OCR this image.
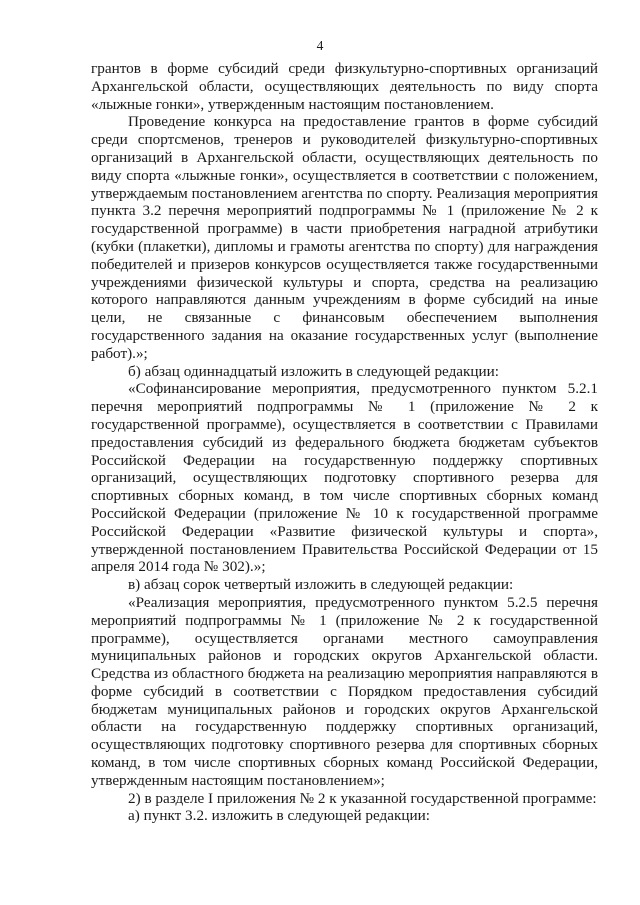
4

грантов в форме субсидий среди физкультурно-спортивных организаций Архангельской области, осуществляющих деятельность по виду спорта «лыжные гонки», утвержденным настоящим постановлением.

Проведение конкурса на предоставление грантов в форме субсидий среди спортсменов, тренеров и руководителей физкультурно-спортивных организаций в Архангельской области, осуществляющих деятельность по виду спорта «лыжные гонки», осуществляется в соответствии с положением, утверждаемым постановлением агентства по спорту. Реализация мероприятия пункта 3.2 перечня мероприятий подпрограммы № 1 (приложение № 2 к государственной программе) в части приобретения наградной атрибутики (кубки (плакетки), дипломы и грамоты агентства по спорту) для награждения победителей и призеров конкурсов осуществляется также государственными учреждениями физической культуры и спорта, средства на реализацию которого направляются данным учреждениям в форме субсидий на иные цели, не связанные с финансовым обеспечением выполнения государственного задания на оказание государственных услуг (выполнение работ).»;

б) абзац одиннадцатый изложить в следующей редакции:

«Софинансирование мероприятия, предусмотренного пунктом 5.2.1 перечня мероприятий подпрограммы № 1 (приложение № 2 к государственной программе), осуществляется в соответствии с Правилами предоставления субсидий из федерального бюджета бюджетам субъектов Российской Федерации на государственную поддержку спортивных организаций, осуществляющих подготовку спортивного резерва для спортивных сборных команд, в том числе спортивных сборных команд Российской Федерации (приложение № 10 к государственной программе Российской Федерации «Развитие физической культуры и спорта», утвержденной постановлением Правительства Российской Федерации от 15 апреля 2014 года № 302).»;

в) абзац сорок четвертый изложить в следующей редакции:

«Реализация мероприятия, предусмотренного пунктом 5.2.5 перечня мероприятий подпрограммы № 1 (приложение № 2 к государственной программе), осуществляется органами местного самоуправления муниципальных районов и городских округов Архангельской области. Средства из областного бюджета на реализацию мероприятия направляются в форме субсидий в соответствии с Порядком предоставления субсидий бюджетам муниципальных районов и городских округов Архангельской области на государственную поддержку спортивных организаций, осуществляющих подготовку спортивного резерва для спортивных сборных команд, в том числе спортивных сборных команд Российской Федерации, утвержденным настоящим постановлением»;

2) в разделе I приложения № 2 к указанной государственной программе:

а) пункт 3.2. изложить в следующей редакции:
